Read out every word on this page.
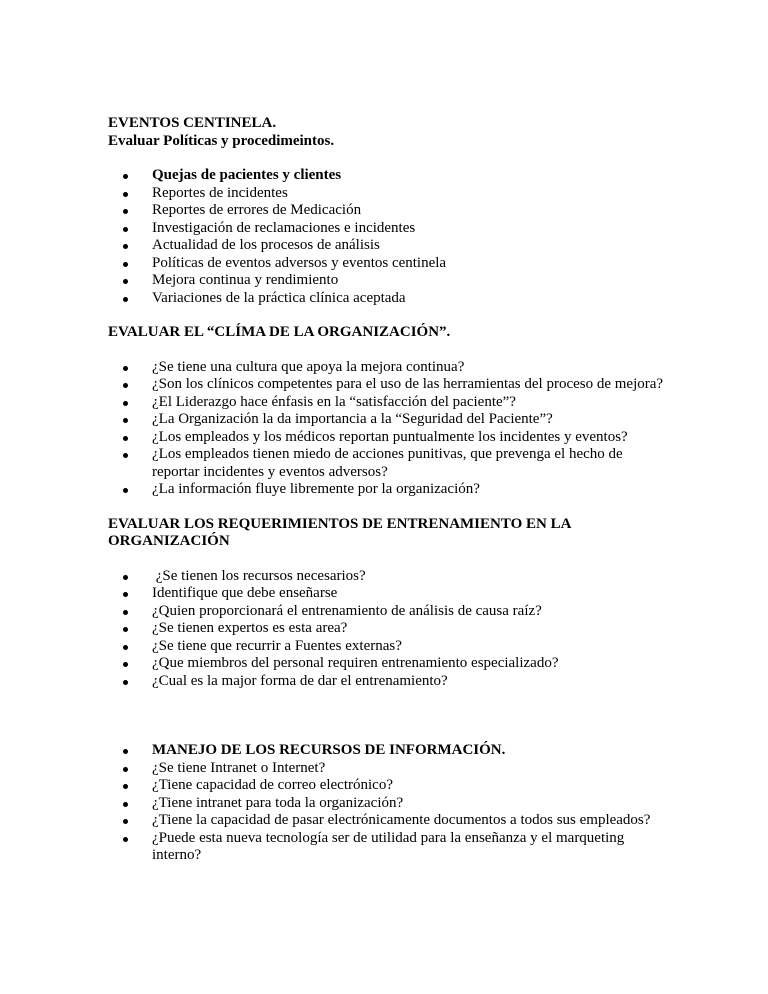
EVENTOS CENTINELA.

Evaluar Políticas y procedimeintos.

Quejas de pacientes y clientes
Reportes de incidentes
Reportes de errores de Medicación
Investigación de reclamaciones e incidentes
Actualidad de los procesos de análisis
Políticas de eventos adversos y eventos centinela
Mejora continua y rendimiento
Variaciones de la práctica clínica aceptada

EVALUAR EL “CLÍMA DE LA ORGANIZACIÓN”.

¿Se tiene una cultura que apoya la mejora continua?
¿Son los clínicos competentes para el uso de las herramientas del proceso de mejora?
¿El Liderazgo hace énfasis en la “satisfacción del paciente”?
¿La Organización la da importancia a la “Seguridad del Paciente”?
¿Los empleados y los médicos reportan puntualmente los incidentes y eventos?
¿Los empleados tienen miedo de acciones punitivas, que prevenga el hecho de reportar incidentes y eventos adversos?
¿La información fluye libremente por la organización?

EVALUAR LOS REQUERIMIENTOS DE ENTRENAMIENTO EN LA

ORGANIZACIÓN

¿Se tienen los recursos necesarios?
Identifique que debe enseñarse
¿Quien proporcionará el entrenamiento de análisis de causa raíz?
¿Se tienen expertos es esta area?
¿Se tiene que recurrir a Fuentes externas?
¿Que miembros del personal requiren entrenamiento especializado?
¿Cual es la major forma de dar el entrenamiento?
MANEJO DE LOS RECURSOS DE INFORMACIÓN.
¿Se tiene Intranet o Internet?
¿Tiene capacidad de correo electrónico?
¿Tiene intranet para toda la organización?
¿Tiene la capacidad de pasar electrónicamente documentos a todos sus empleados?
¿Puede esta nueva tecnología ser de utilidad para la enseñanza y el marqueting interno?
